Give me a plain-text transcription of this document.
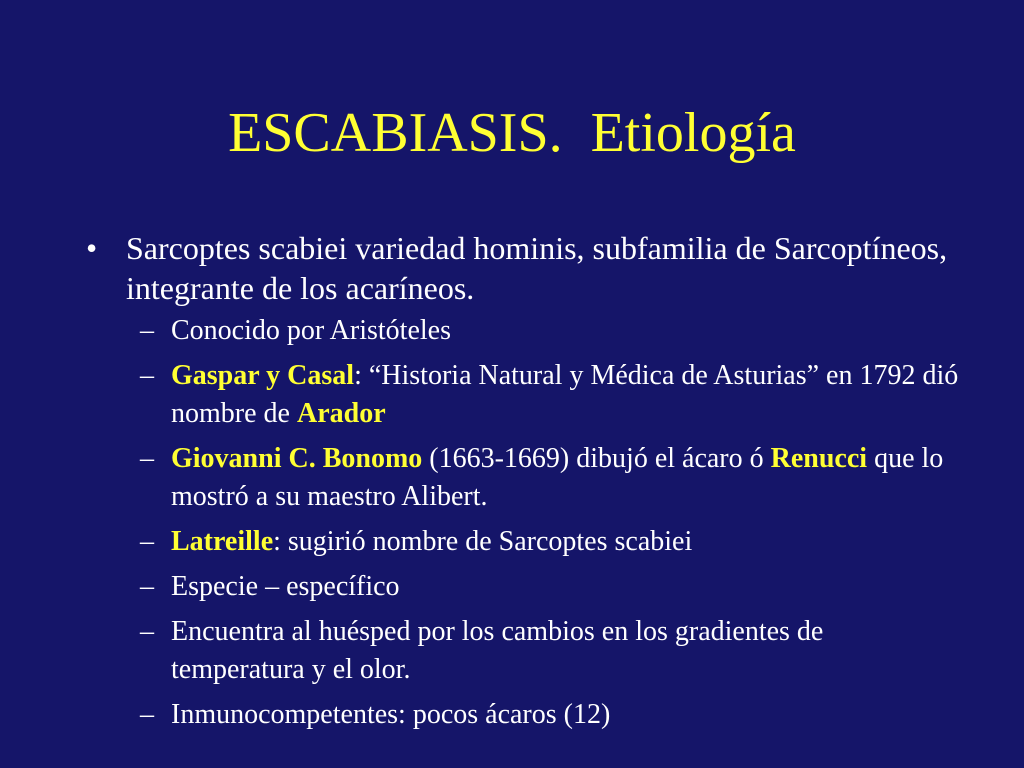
ESCABIASIS.  Etiología
• Sarcoptes scabiei variedad hominis, subfamilia de Sarcoptíneos, integrante de los acaríneos.
– Conocido por Aristóteles
– Gaspar y Casal: “Historia Natural y Médica de Asturias” en 1792 dió nombre de Arador
– Giovanni C. Bonomo (1663-1669) dibujó el ácaro ó Renucci que lo mostró a su maestro Alibert.
– Latreille: sugirió nombre de Sarcoptes scabiei
– Especie – específico
– Encuentra al huésped por los cambios en los gradientes de temperatura y el olor.
– Inmunocompetentes: pocos ácaros (12)
